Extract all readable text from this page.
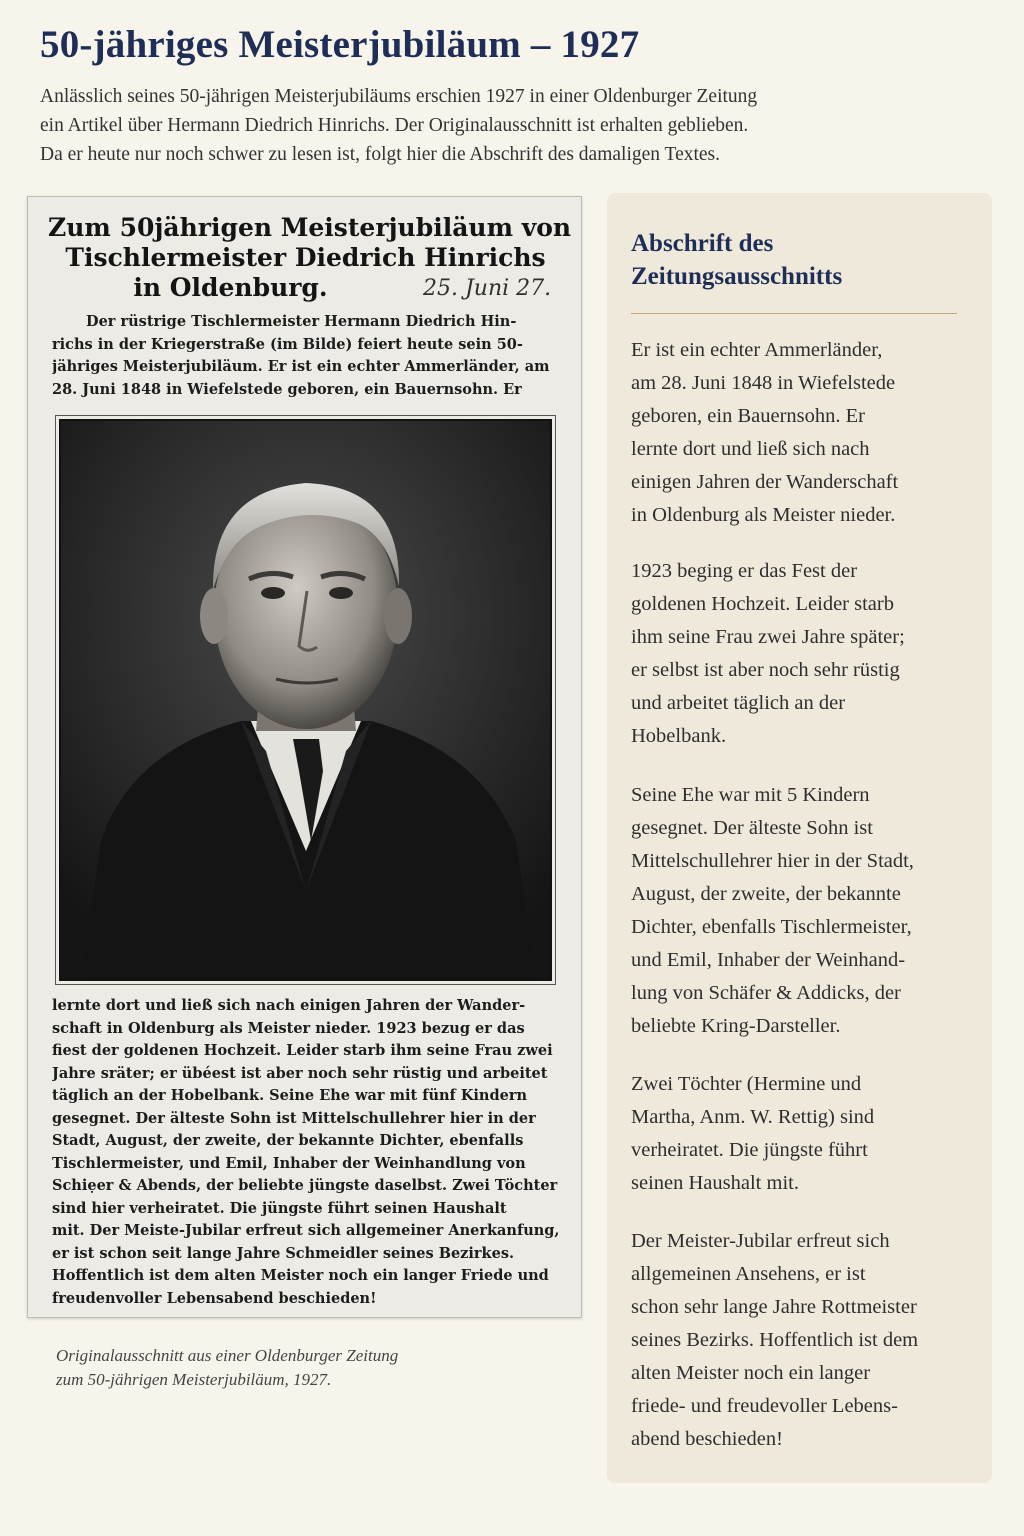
50-jähriges Meisterjubiläum – 1927

Anlässlich seines 50-jährigen Meisterjubiläums erschien 1927 in einer Oldenburger Zeitung
ein Artikel über Hermann Diedrich Hinrichs. Der Originalausschnitt ist erhalten geblieben.
Da er heute nur noch schwer zu lesen ist, folgt hier die Abschrift des damaligen Textes.

Zum 50jährigen Meisterjubiläum von
Tischlermeister Diedrich Hinrichs
in Oldenburg.	25. Juni 27.

Der rüstrige Tischlermeister Hermann Diedrich Hin-
richs in der Kriegerstraße (im Bilde) feiert heute sein 50-
jähriges Meisterjubiläum. Er ist ein echter Ammerländer, am
28. Juni 1848 in Wiefelstede geboren, ein Bauernsohn. Er

lernte dort und ließ sich nach einigen Jahren der Wander-
schaft in Oldenburg als Meister nieder. 1923 bezug er das
fiest der goldenen Hochzeit. Leider starb ihm seine Frau zwei
Jahre sräter; er übéest ist aber noch sehr rüstig und arbeitet
täglich an der Hobelbank. Seine Ehe war mit fünf Kindern
gesegnet. Der älteste Sohn ist Mittelschullehrer hier in der
Stadt, August, der zweite, der bekannte Dichter, ebenfalls
Tischlermeister, und Emil, Inhaber der Weinhandlung von
Schiẹer & Abends, der beliebte jüngste daselbst. Zwei Töchter
sind hier verheiratet. Die jüngste führt seinen Haushalt
mit. Der Meiste-Jubilar erfreut sich allgemeiner Anerkanfung,
er ist schon seit lange Jahre Schmeidler seines Bezirkes.
Hoffentlich ist dem alten Meister noch ein langer Friede und
freudenvoller Lebensabend beschieden!

Originalausschnitt aus einer Oldenburger Zeitung
zum 50-jährigen Meisterjubiläum, 1927.

Abschrift des
Zeitungsausschnitts

Er ist ein echter Ammerländer,
am 28. Juni 1848 in Wiefelstede
geboren, ein Bauernsohn. Er
lernte dort und ließ sich nach
einigen Jahren der Wanderschaft
in Oldenburg als Meister nieder.

1923 beging er das Fest der
goldenen Hochzeit. Leider starb
ihm seine Frau zwei Jahre später;
er selbst ist aber noch sehr rüstig
und arbeitet täglich an der
Hobelbank.

Seine Ehe war mit 5 Kindern
gesegnet. Der älteste Sohn ist
Mittelschullehrer hier in der Stadt,
August, der zweite, der bekannte
Dichter, ebenfalls Tischlermeister,
und Emil, Inhaber der Weinhand-
lung von Schäfer & Addicks, der
beliebte Kring-Darsteller.

Zwei Töchter (Hermine und
Martha, Anm. W. Rettig) sind
verheiratet. Die jüngste führt
seinen Haushalt mit.

Der Meister-Jubilar erfreut sich
allgemeinen Ansehens, er ist
schon sehr lange Jahre Rottmeister
seines Bezirks. Hoffentlich ist dem
alten Meister noch ein langer
friede- und freudevoller Lebens-
abend beschieden!
